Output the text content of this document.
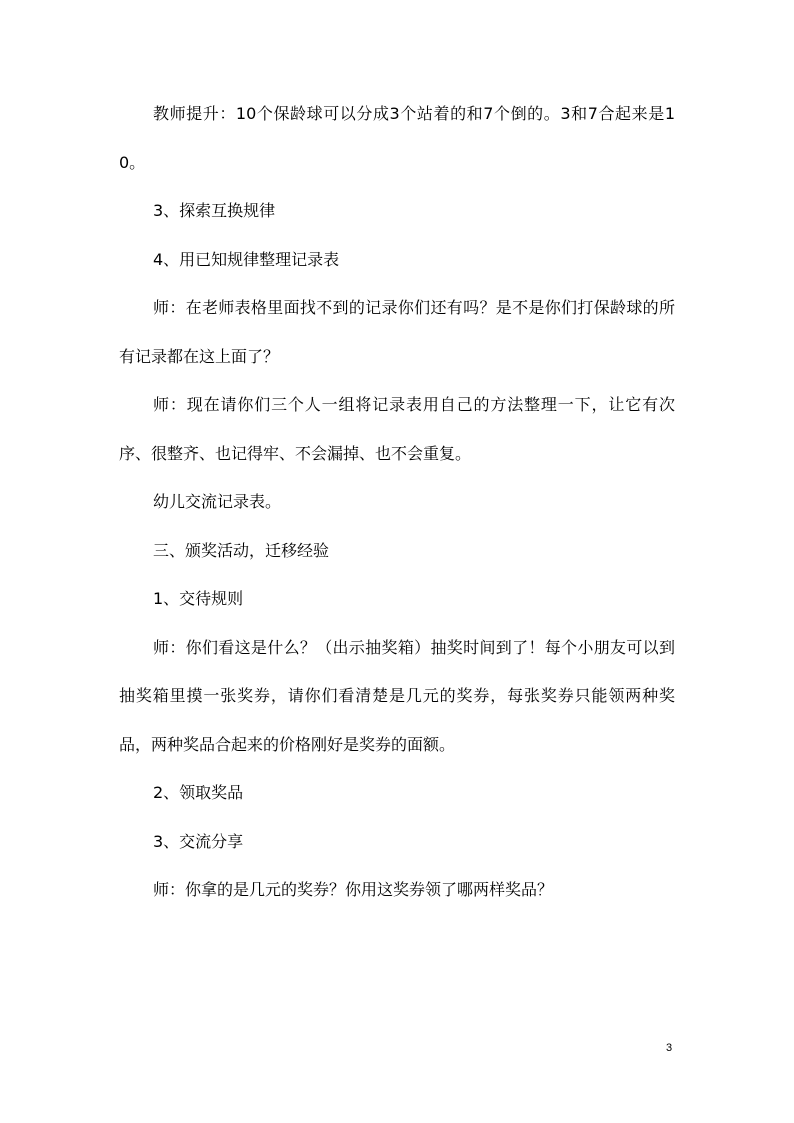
教师提升：10个保龄球可以分成3个站着的和7个倒的。3和7合起来是10。

3、探索互换规律

4、用已知规律整理记录表

师：在老师表格里面找不到的记录你们还有吗？是不是你们打保龄球的所有记录都在这上面了？

师：现在请你们三个人一组将记录表用自己的方法整理一下，让它有次序、很整齐、也记得牢、不会漏掉、也不会重复。

幼儿交流记录表。

三、颁奖活动，迁移经验

1、交待规则

师：你们看这是什么？（出示抽奖箱）抽奖时间到了！每个小朋友可以到抽奖箱里摸一张奖券，请你们看清楚是几元的奖券，每张奖券只能领两种奖品，两种奖品合起来的价格刚好是奖券的面额。

2、领取奖品

3、交流分享

师：你拿的是几元的奖券？你用这奖券领了哪两样奖品？

3
